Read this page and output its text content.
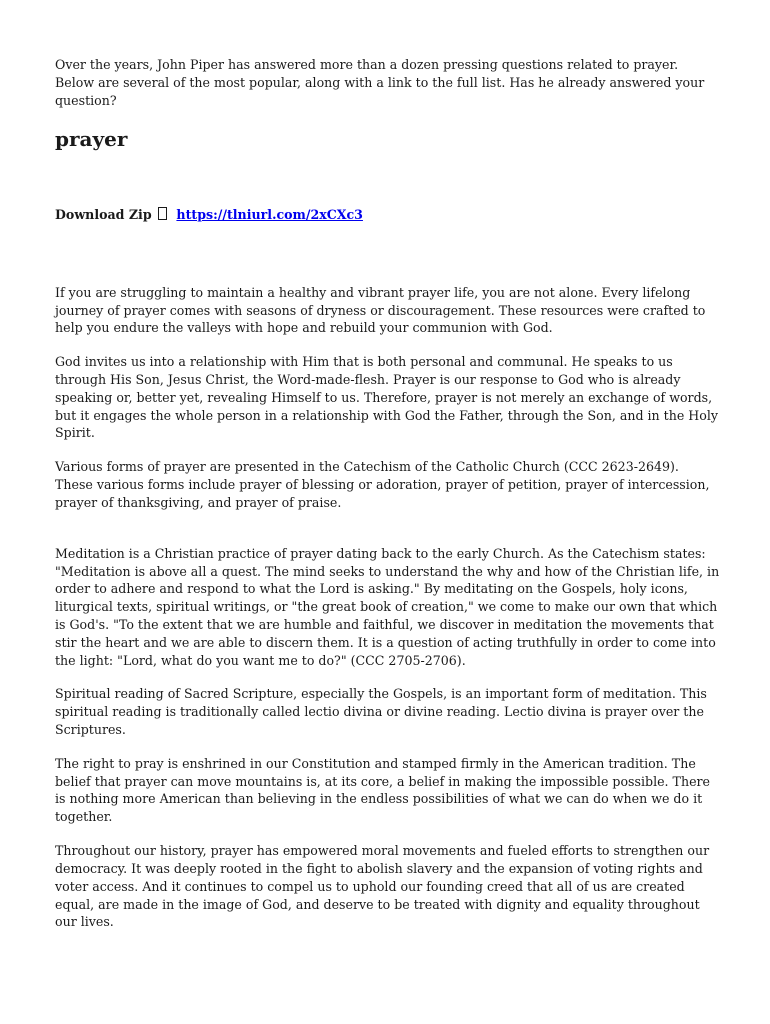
Over the years, John Piper has answered more than a dozen pressing questions related to prayer. Below are several of the most popular, along with a link to the full list. Has he already answered your question?

prayer
Download Zip https://tlniurl.com/2xCXc3

If you are struggling to maintain a healthy and vibrant prayer life, you are not alone. Every lifelong journey of prayer comes with seasons of dryness or discouragement. These resources were crafted to help you endure the valleys with hope and rebuild your communion with God.

God invites us into a relationship with Him that is both personal and communal. He speaks to us through His Son, Jesus Christ, the Word-made-flesh. Prayer is our response to God who is already speaking or, better yet, revealing Himself to us. Therefore, prayer is not merely an exchange of words, but it engages the whole person in a relationship with God the Father, through the Son, and in the Holy Spirit.

Various forms of prayer are presented in the Catechism of the Catholic Church (CCC 2623-2649). These various forms include prayer of blessing or adoration, prayer of petition, prayer of intercession, prayer of thanksgiving, and prayer of praise.

Meditation is a Christian practice of prayer dating back to the early Church. As the Catechism states: "Meditation is above all a quest. The mind seeks to understand the why and how of the Christian life, in order to adhere and respond to what the Lord is asking." By meditating on the Gospels, holy icons, liturgical texts, spiritual writings, or "the great book of creation," we come to make our own that which is God's. "To the extent that we are humble and faithful, we discover in meditation the movements that stir the heart and we are able to discern them. It is a question of acting truthfully in order to come into the light: "Lord, what do you want me to do?" (CCC 2705-2706).

Spiritual reading of Sacred Scripture, especially the Gospels, is an important form of meditation. This spiritual reading is traditionally called lectio divina or divine reading. Lectio divina is prayer over the Scriptures.

The right to pray is enshrined in our Constitution and stamped firmly in the American tradition. The belief that prayer can move mountains is, at its core, a belief in making the impossible possible. There is nothing more American than believing in the endless possibilities of what we can do when we do it together.

Throughout our history, prayer has empowered moral movements and fueled efforts to strengthen our democracy. It was deeply rooted in the fight to abolish slavery and the expansion of voting rights and voter access. And it continues to compel us to uphold our founding creed that all of us are created equal, are made in the image of God, and deserve to be treated with dignity and equality throughout our lives.
